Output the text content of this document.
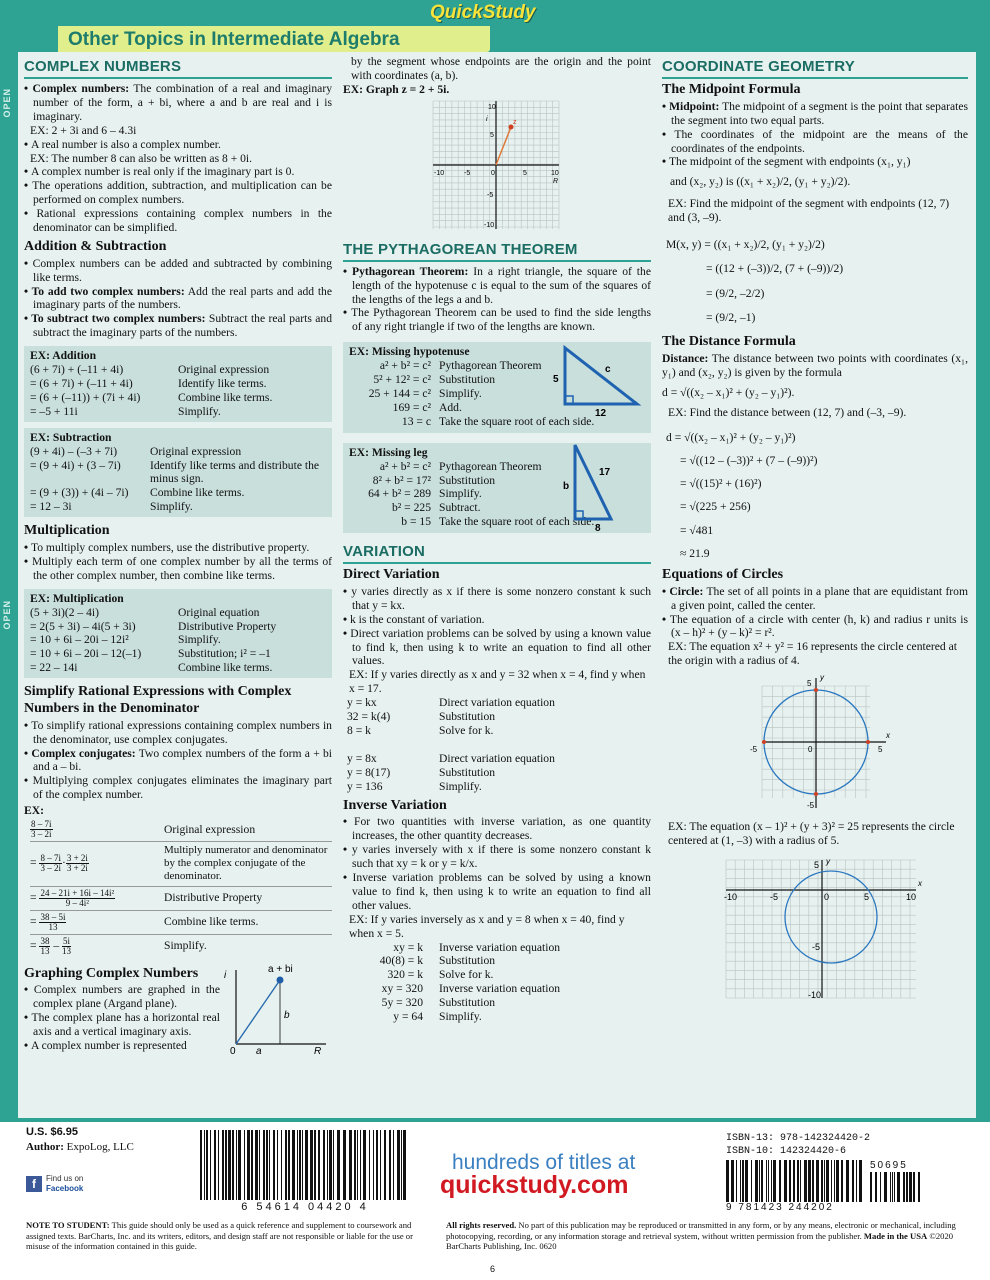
QuickStudy
Other Topics in Intermediate Algebra
OPEN
OPEN
COMPLEX NUMBERS
• Complex numbers: The combination of a real and imaginary number of the form, a + bi, where a and b are real and i is imaginary.
EX: 2 + 3i and 6 – 4.3i
• A real number is also a complex number.
EX: The number 8 can also be written as 8 + 0i.
• A complex number is real only if the imaginary part is 0.
• The operations addition, subtraction, and multiplication can be performed on complex numbers.
• Rational expressions containing complex numbers in the denominator can be simplified.
Addition & Subtraction
• Complex numbers can be added and subtracted by combining like terms.
• To add two complex numbers: Add the real parts and add the imaginary parts of the numbers.
• To subtract two complex numbers: Subtract the real parts and subtract the imaginary parts of the numbers.
EX: Addition
(6 + 7i) + (–11 + 4i)	Original expression
= (6 + 7i) + (–11 + 4i)	Identify like terms.
= (6 + (–11)) + (7i + 4i)	Combine like terms.
= –5 + 11i	Simplify.
EX: Subtraction
(9 + 4i) – (–3 + 7i)	Original expression
= (9 + 4i) + (3 – 7i)	Identify like terms and distribute the minus sign.
= (9 + (3)) + (4i – 7i)	Combine like terms.
= 12 – 3i	Simplify.
Multiplication
• To multiply complex numbers, use the distributive property.
• Multiply each term of one complex number by all the terms of the other complex number, then combine like terms.
EX: Multiplication
(5 + 3i)(2 – 4i)	Original equation
= 2(5 + 3i) – 4i(5 + 3i)	Distributive Property
= 10 + 6i – 20i – 12i²	Simplify.
= 10 + 6i – 20i – 12(–1)	Substitution; i² = –1
= 22 – 14i	Combine like terms.
Simplify Rational Expressions with Complex Numbers in the Denominator
• To simplify rational expressions containing complex numbers in the denominator, use complex conjugates.
• Complex conjugates: Two complex numbers of the form a + bi and a – bi.
• Multiplying complex conjugates eliminates the imaginary part of the complex number.
EX:
$\frac{8 - 7i}{3 - 2i}$	Original expression
= $\frac{8 - 7i}{3 - 2i} \cdot \frac{3 + 2i}{3 + 2i}$
Multiply numerator and denominator by the complex conjugate of the denominator.
= $\frac{\text{24 – 21i + 16i – 14i²}}{\text{9 – 4i²}}$	Distributive Property
= $\frac{38 - 5i}{13}$	Combine like terms.
= $\frac{38}{13} - \frac{5i}{13}$	Simplify.
Graphing Complex Numbers
• Complex numbers are graphed in the complex plane (Argand plane).
• The complex plane has a horizontal real axis and a vertical imaginary axis.
• A complex number is represented
a + bi
i
b
a	R
0
by the segment whose endpoints are the origin and the point with coordinates (a, b).
EX: Graph z = 2 + 5i.
z
-10	-5	0	5	10
R
10
5
-5
-10
i
THE PYTHAGOREAN THEOREM
• Pythagorean Theorem: In a right triangle, the square of the length of the hypotenuse c is equal to the sum of the squares of the lengths of the legs a and b.
• The Pythagorean Theorem can be used to find the side lengths of any right triangle if two of the lengths are known.
EX: Missing hypotenuse
a² + b² = c² Pythagorean Theorem
5² + 12² = c² Substitution
25 + 144 = c² Simplify.
169 = c² Add.
13 = c Take the square root of each side.
5
12
c
EX: Missing leg
a² + b² = c² Pythagorean Theorem
8² + b² = 17² Substitution
64 + b² = 289 Simplify.
b² = 225 Subtract.
b = 15 Take the square root of each side.
b
8
17
VARIATION
Direct Variation
• y varies directly as x if there is some nonzero constant k such that y = kx.
• k is the constant of variation.
• Direct variation problems can be solved by using a known value to find k, then using k to write an equation to find all other values.
EX: If y varies directly as x and y = 32 when x = 4, find y when x = 17.
y = kx	Direct variation equation
32 = k(4)	Substitution
8 = k	Solve for k.
y = 8x	Direct variation equation
y = 8(17)	Substitution
y = 136	Simplify.
Inverse Variation
• For two quantities with inverse variation, as one quantity increases, the other quantity decreases.
• y varies inversely with x if there is some nonzero constant k such that xy = k or y = k/x.
• Inverse variation problems can be solved by using a known value to find k, then using k to write an equation to find all other values.
EX: If y varies inversely as x and y = 8 when x = 40, find y when x = 5.
xy = k	Inverse variation equation
40(8) = k	Substitution
320 = k	Solve for k.
xy = 320	Inverse variation equation
5y = 320	Substitution
y = 64	Simplify.
COORDINATE GEOMETRY
The Midpoint Formula
• Midpoint: The midpoint of a segment is the point that separates the segment into two equal parts.
• The coordinates of the midpoint are the means of the coordinates of the endpoints.
• The midpoint of the segment with endpoints (x₁, y₁)
and (x₂, y₂) is ((x₁ + x₂)/2, (y₁ + y₂)/2).
EX: Find the midpoint of the segment with endpoints (12, 7) and (3, –9).
M(x, y) = ((x₁ + x₂)/2, (y₁ + y₂)/2)
= ((12 + (–3))/2, (7 + (–9))/2)
= (9/2, –2/2)
= (9/2, –1)
The Distance Formula
Distance: The distance between two points with coordinates (x₁, y₁) and (x₂, y₂) is given by the formula
d = √((x₂ – x₁)² + (y₂ – y₁)²).
EX: Find the distance between (12, 7) and (–3, –9).
d = √((x₂ – x₁)² + (y₂ – y₁)²)
= √((12 – (–3))² + (7 – (–9))²)
= √((15)² + (16)²)
= √(225 + 256)
= √481
≈ 21.9
Equations of Circles
• Circle: The set of all points in a plane that are equidistant from a given point, called the center.
• The equation of a circle with center (h, k) and radius r units is (x – h)² + (y – k)² = r².
EX: The equation x² + y² = 16 represents the circle centered at the origin with a radius of 4.
-5	5
0
5
-5
x
y
EX: The equation (x – 1)² + (y + 3)² = 25 represents the circle centered at (1, –3) with a radius of 5.
-10	-5	0	5	10
5
-5
-10
x
y
U.S. $6.95
Author: ExpoLog, LLC
f	Find us on
Facebook
6 54614 04420 4
hundreds of titles at
quickstudy.com
ISBN-13: 978-142324420-2
ISBN-10: 142324420-6
9 781423 244202
50695
NOTE TO STUDENT: This guide should only be used as a quick reference and supplement to coursework and assigned texts. BarCharts, Inc. and its writers, editors, and design staff are not responsible or liable for the use or misuse of the information contained in this guide.
All rights reserved. No part of this publication may be reproduced or transmitted in any form, or by any means, electronic or mechanical, including photocopying, recording, or any information storage and retrieval system, without written permission from the publisher. Made in the USA ©2020 BarCharts Publishing, Inc. 0620
6
